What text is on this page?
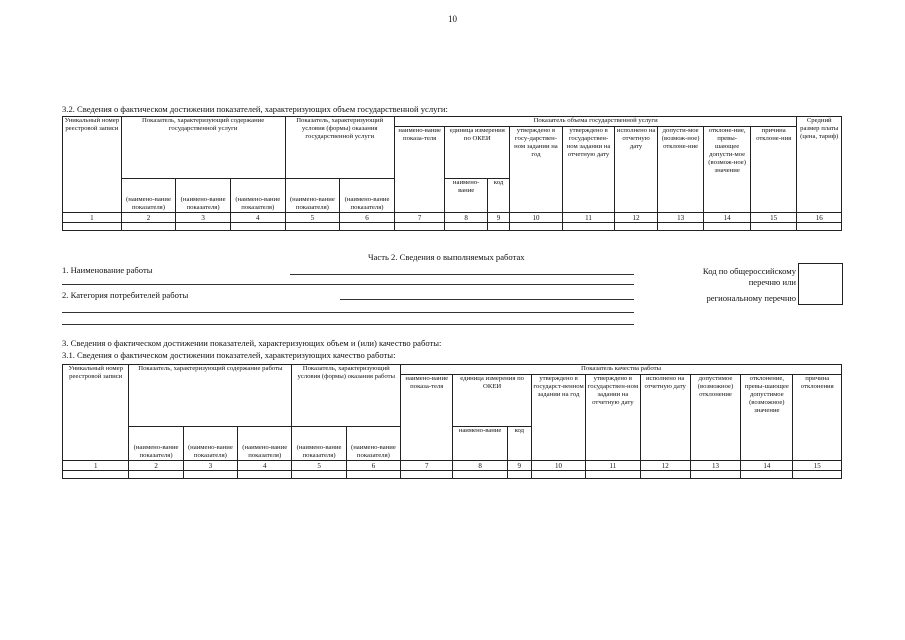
10
3.2. Сведения о фактическом достижении показателей, характеризующих объем государственной услуги:
Уникальный номер реестровой записи	Показатель, характеризующий содержание государственной услуги			Показатель, характеризующий условия (формы) оказания государственной услуги		Показатель объема государственной услуги									Средний размер платы (цена, тариф)
						наимено-вание показа-теля	единица измерения по ОКЕИ		утверждено в госу-дарствен-ном задании на год	утверждено в государствен-ном задании на отчетную дату	исполнено на отчетную дату	допусти-мое (возмож-ное) отклоне-ние	отклоне-ние, превы-шающее допусти-мое (возмож-ное) значение	причина отклоне-ния	
	(наимено-вание показателя)	(наимено-вание показателя)	(наимено-вание показателя)	(наимено-вание показателя)	(наимено-вание показателя)		наимено-вание	код							
1	2	3	4	5	6	7	8	9	10	11	12	13	14	15	16

Часть 2. Сведения о выполняемых работах
1. Наименование работы
2. Категория потребителей работы
Код по общероссийскому
перечню или
региональному перечню
3. Сведения о фактическом достижении показателей, характеризующих объем и (или) качество работы:
3.1. Сведения о фактическом достижении показателей, характеризующих качество работы:
Уникальный номер реестровой записи	Показатель, характеризующий содержание работы			Показатель, характеризующий условия (формы) оказания работы		Показатель качества работы								
						наимено-вание показа-теля	единица измерения по ОКЕИ		утверждено в государст-венном задании на год	утверждено в государствен-ном задании на отчетную дату	исполнено на отчетную дату	допустимое (возможное) отклонение	отклонение, превы-шающее допустимое (возможное) значение	причина отклонения
	(наимено-вание показателя)	(наимено-вание показателя)	(наимено-вание показателя)	(наимено-вание показателя)	(наимено-вание показателя)		наимено-вание	код						
1	2	3	4	5	6	7	8	9	10	11	12	13	14	15
